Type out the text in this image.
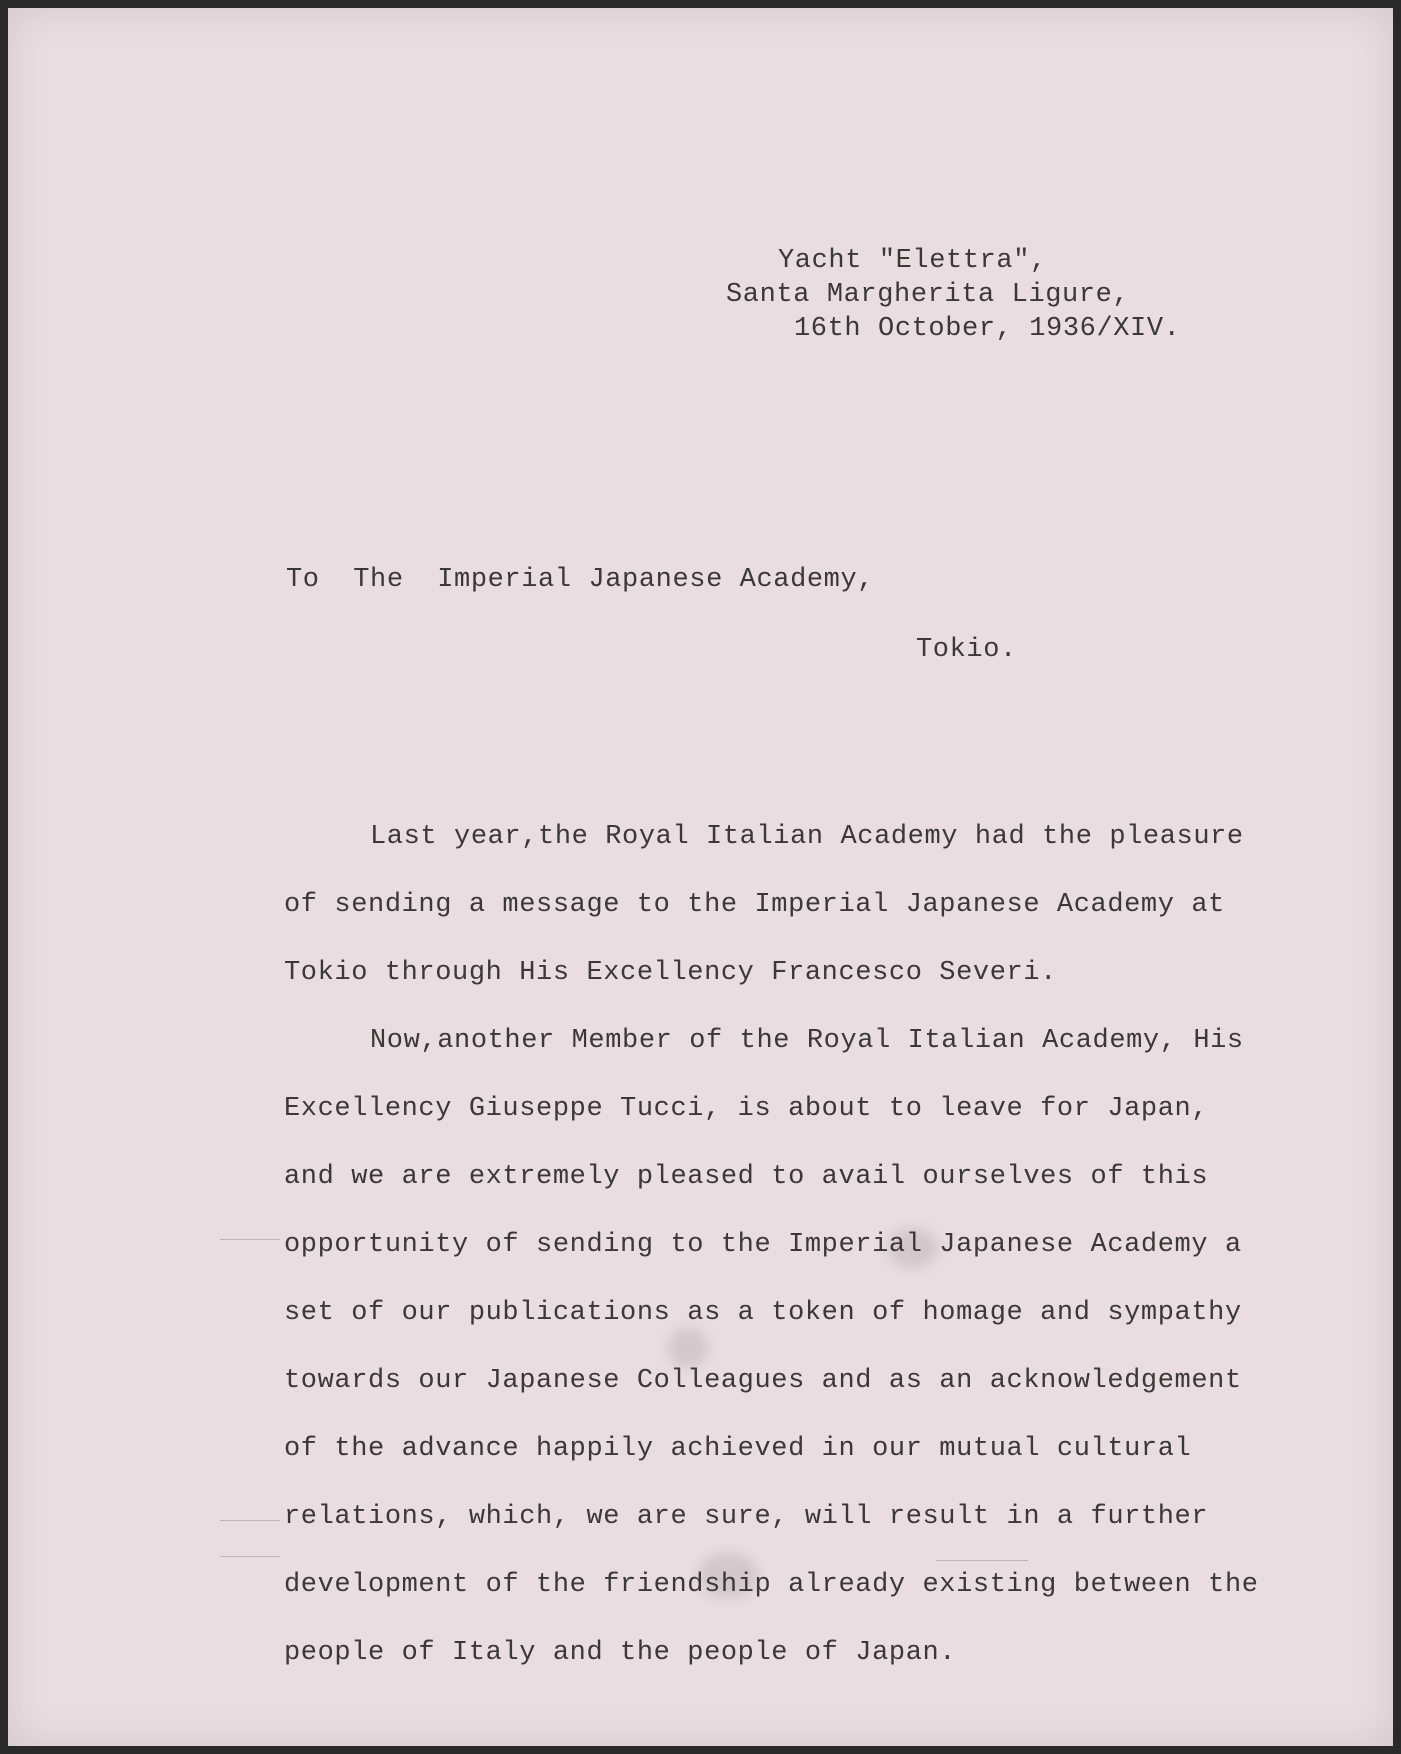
Yacht "Elettra",
Santa Margherita Ligure,
16th October, 1936/XIV.
To  The  Imperial Japanese Academy,
Tokio.
Last year,the Royal Italian Academy had the pleasure
of sending a message to the Imperial Japanese Academy at
Tokio through His Excellency Francesco Severi.
Now,another Member of the Royal Italian Academy, His
Excellency Giuseppe Tucci, is about to leave for Japan,
and we are extremely pleased to avail ourselves of this
opportunity of sending to the Imperial Japanese Academy a
set of our publications as a token of homage and sympathy
towards our Japanese Colleagues and as an acknowledgement
of the advance happily achieved in our mutual cultural
relations, which, we are sure, will result in a further
development of the friendship already existing between the
people of Italy and the people of Japan.
